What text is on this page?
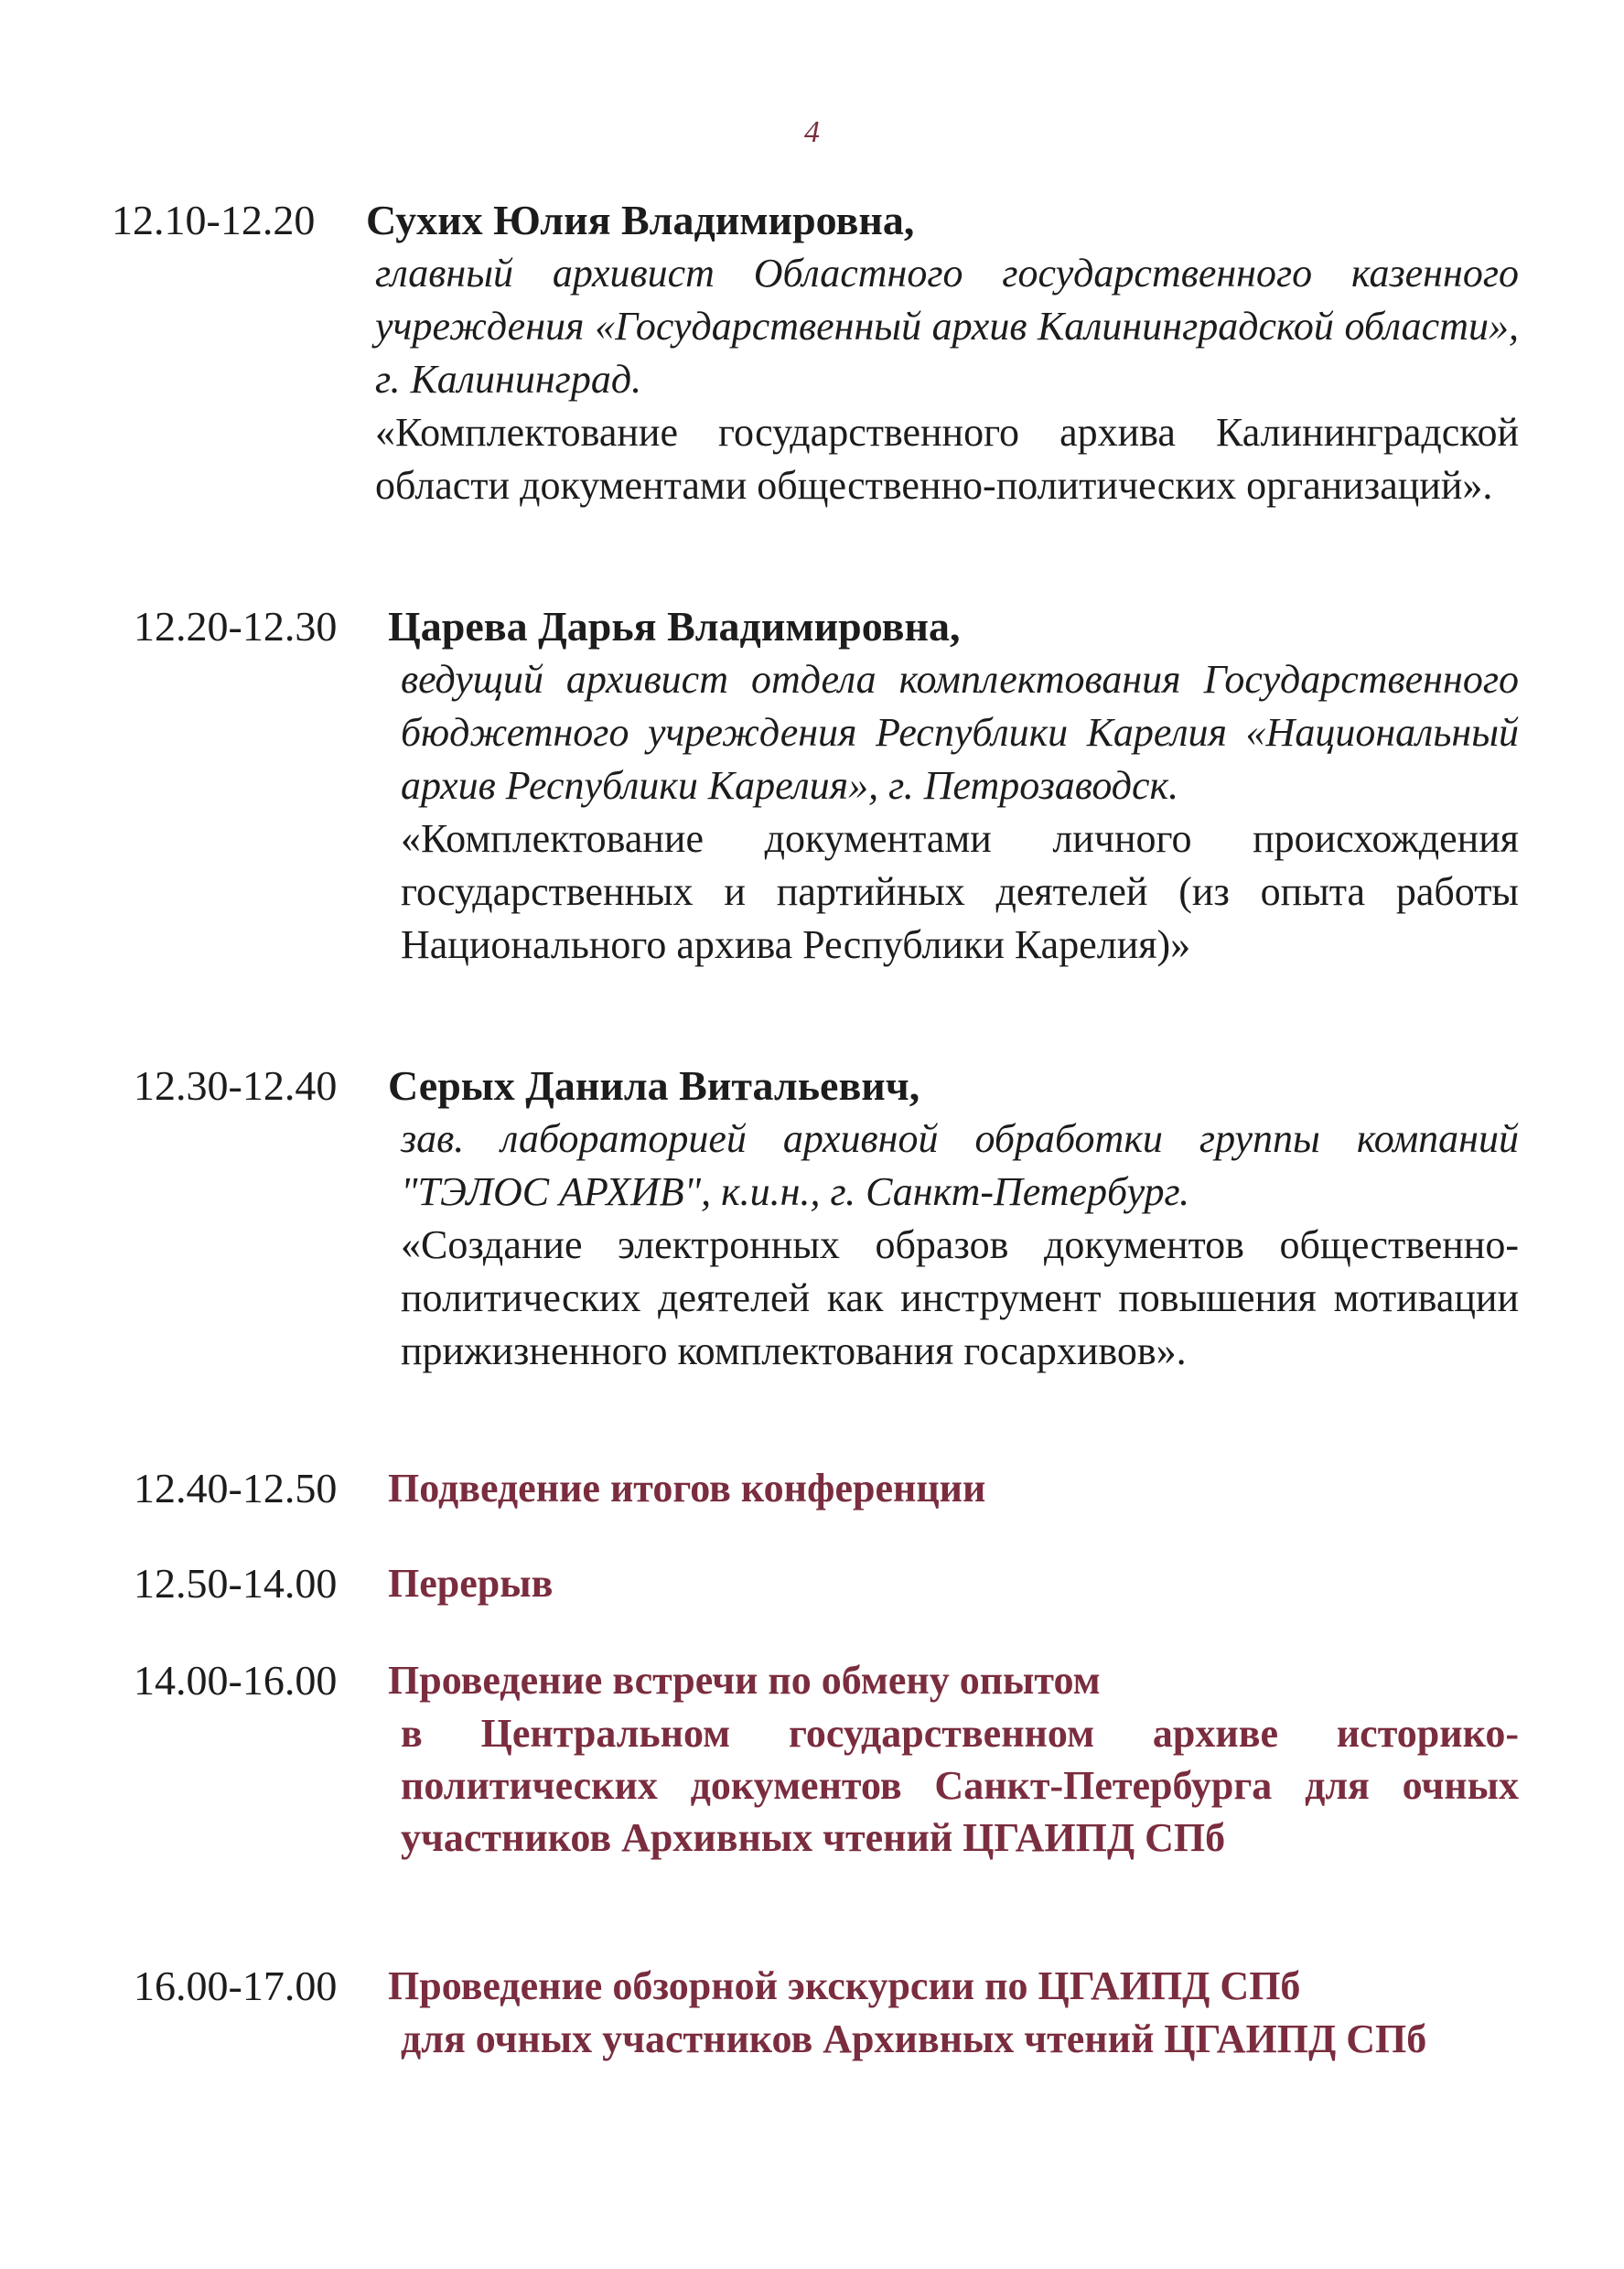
4
12.10-12.20 Сухих Юлия Владимировна,
главный архивист Областного государственного казенного учреждения «Государственный архив Калининградской области», г. Калининград.
«Комплектование государственного архива Калининградской области документами общественно-политических организаций».
12.20-12.30 Царева Дарья Владимировна,
ведущий архивист отдела комплектования Государственного бюджетного учреждения Республики Карелия «Национальный архив Республики Карелия», г. Петрозаводск.
«Комплектование документами личного происхождения государственных и партийных деятелей (из опыта работы Национального архива Республики Карелия)»
12.30-12.40 Серых Данила Витальевич,
зав. лабораторией архивной обработки группы компаний "ТЭЛОС АРХИВ", к.и.н., г. Санкт-Петербург.
«Создание электронных образов документов общественно-политических деятелей как инструмент повышения мотивации прижизненного комплектования госархивов».
12.40-12.50 Подведение итогов конференции
12.50-14.00 Перерыв
14.00-16.00 Проведение встречи по обмену опытом
в Центральном государственном архиве историко-политических документов Санкт-Петербурга для очных участников Архивных чтений ЦГАИПД СПб
16.00-17.00 Проведение обзорной экскурсии по ЦГАИПД СПб
для очных участников Архивных чтений ЦГАИПД СПб
